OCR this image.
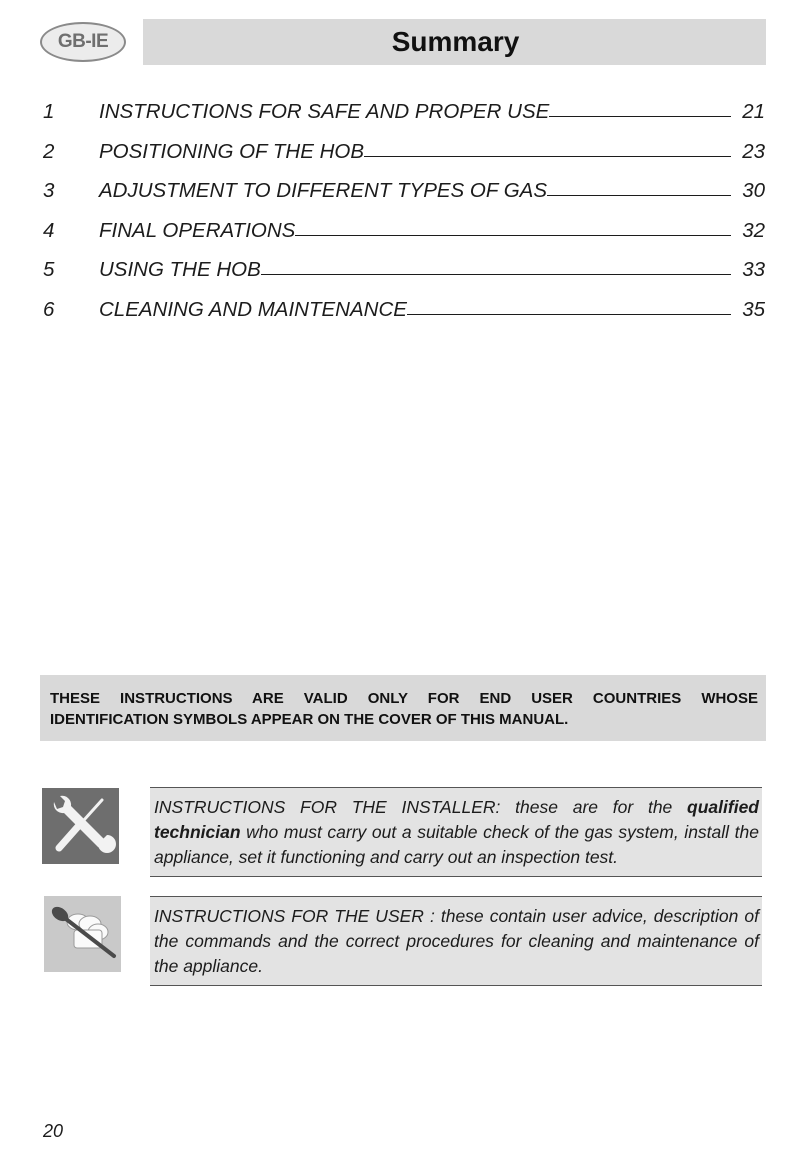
GB-IE	Summary
1	INSTRUCTIONS FOR SAFE AND PROPER USE	21
2	POSITIONING OF THE HOB	23
3	ADJUSTMENT TO DIFFERENT TYPES OF GAS	30
4	FINAL OPERATIONS	32
5	USING THE HOB	33
6	CLEANING AND MAINTENANCE	35
THESE INSTRUCTIONS ARE VALID ONLY FOR END USER COUNTRIES WHOSE
IDENTIFICATION SYMBOLS APPEAR ON THE COVER OF THIS MANUAL.
INSTRUCTIONS FOR THE INSTALLER: these are for the qualified technician who must carry out a suitable check of the gas system, install the appliance, set it functioning and carry out an inspection test.
INSTRUCTIONS FOR THE USER : these contain user advice, description of the commands and the correct procedures for cleaning and maintenance of the appliance.
20
